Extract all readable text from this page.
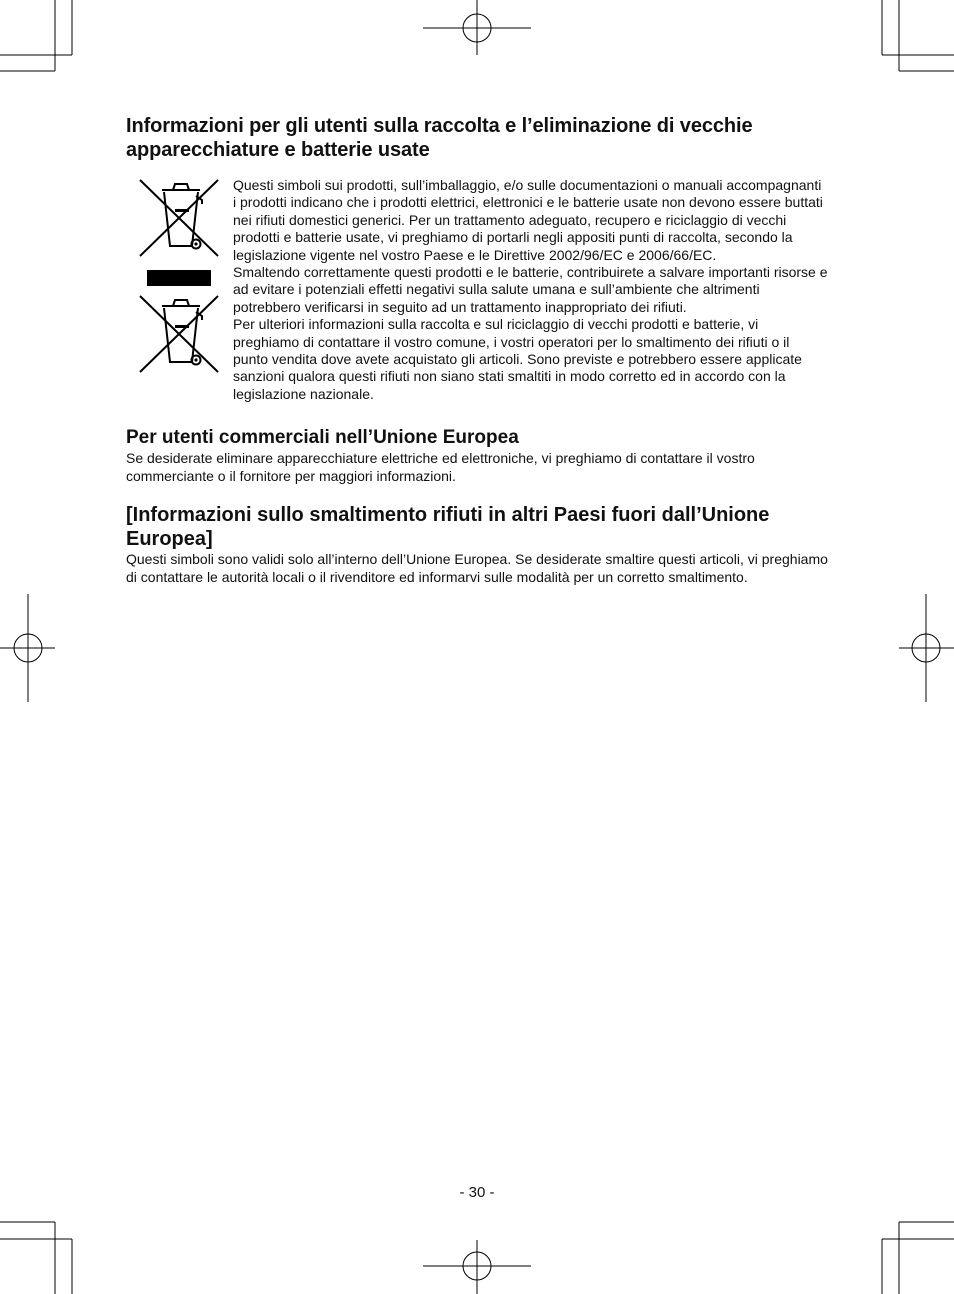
Informazioni per gli utenti sulla raccolta e l’eliminazione di vecchie apparecchiature e batterie usate

Questi simboli sui prodotti, sull’imballaggio, e/o sulle documentazioni o manuali accompagnanti i prodotti indicano che i prodotti elettrici, elettronici e le batterie usate non devono essere buttati nei rifiuti domestici generici. Per un trattamento adeguato, recupero e riciclaggio di vecchi prodotti e batterie usate, vi preghiamo di portarli negli appositi punti di raccolta, secondo la legislazione vigente nel vostro Paese e le Direttive 2002/96/EC e 2006/66/EC.

Smaltendo correttamente questi prodotti e le batterie, contribuirete a salvare importanti risorse e ad evitare i potenziali effetti negativi sulla salute umana e sull’ambiente che altrimenti potrebbero verificarsi in seguito ad un trattamento inappropriato dei rifiuti.

Per ulteriori informazioni sulla raccolta e sul riciclaggio di vecchi prodotti e batterie, vi preghiamo di contattare il vostro comune, i vostri operatori per lo smaltimento dei rifiuti o il punto vendita dove avete acquistato gli articoli. Sono previste e potrebbero essere applicate sanzioni qualora questi rifiuti non siano stati smaltiti in modo corretto ed in accordo con la legislazione nazionale.

Per utenti commerciali nell’Unione Europea

Se desiderate eliminare apparecchiature elettriche ed elettroniche, vi preghiamo di contattare il vostro commerciante o il fornitore per maggiori informazioni.

[Informazioni sullo smaltimento rifiuti in altri Paesi fuori dall’Unione Europea]

Questi simboli sono validi solo all’interno dell’Unione Europea. Se desiderate smaltire questi articoli, vi preghiamo di contattare le autorità locali o il rivenditore ed informarvi sulle modalità per un corretto smaltimento.

- 30 -
